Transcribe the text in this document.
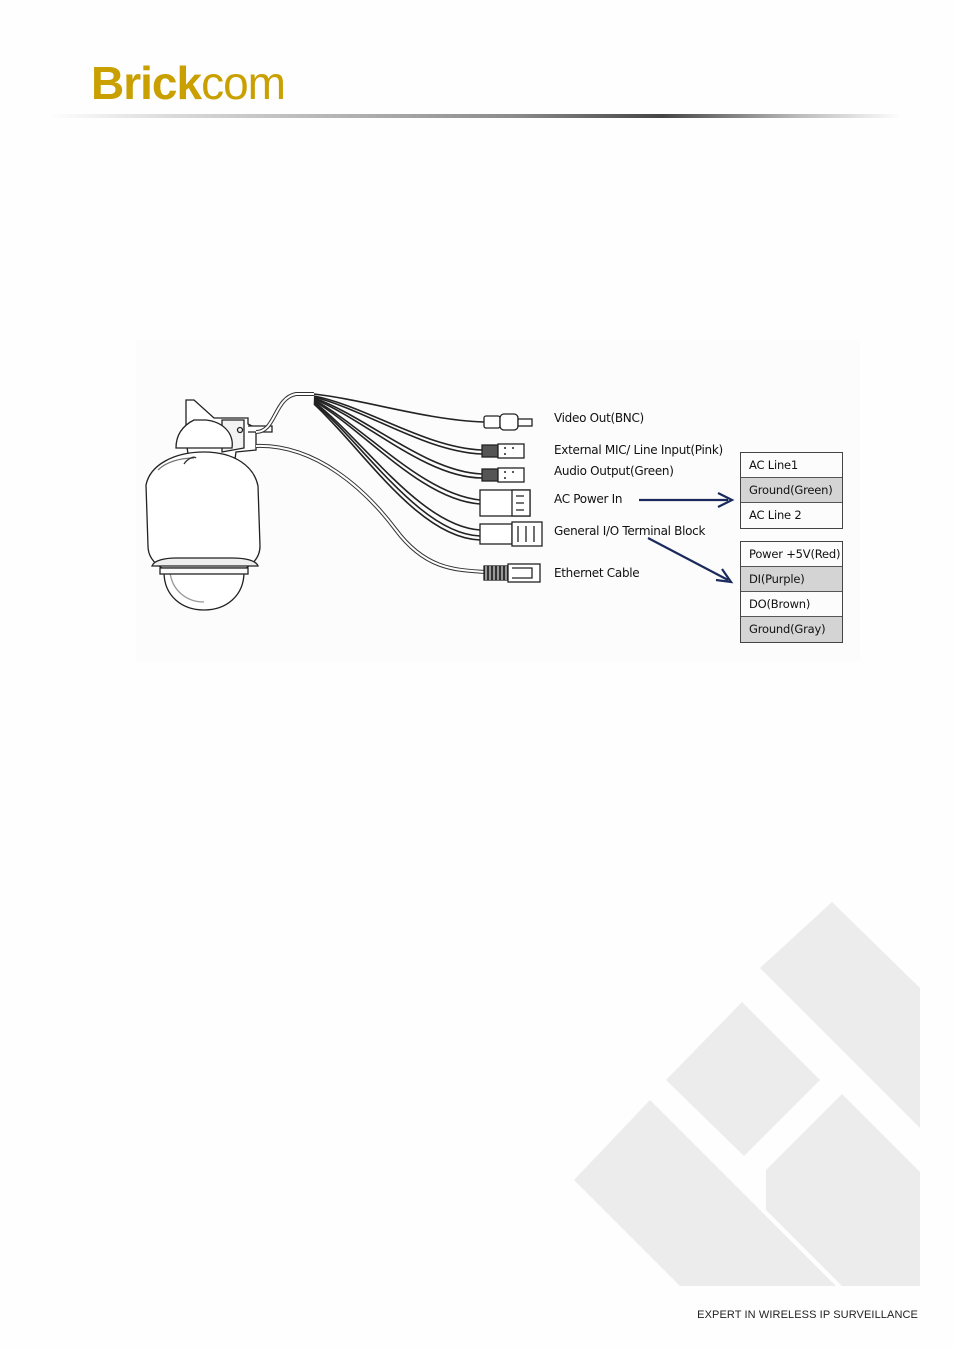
Brickcom
Video Out(BNC)
External MIC/ Line Input(Pink)
Audio Output(Green)
AC Power In
General I/O Terminal Block
Ethernet Cable
AC Line1
Ground(Green)
AC Line 2
Power +5V(Red)
DI(Purple)
DO(Brown)
Ground(Gray)
EXPERT IN WIRELESS IP SURVEILLANCE
